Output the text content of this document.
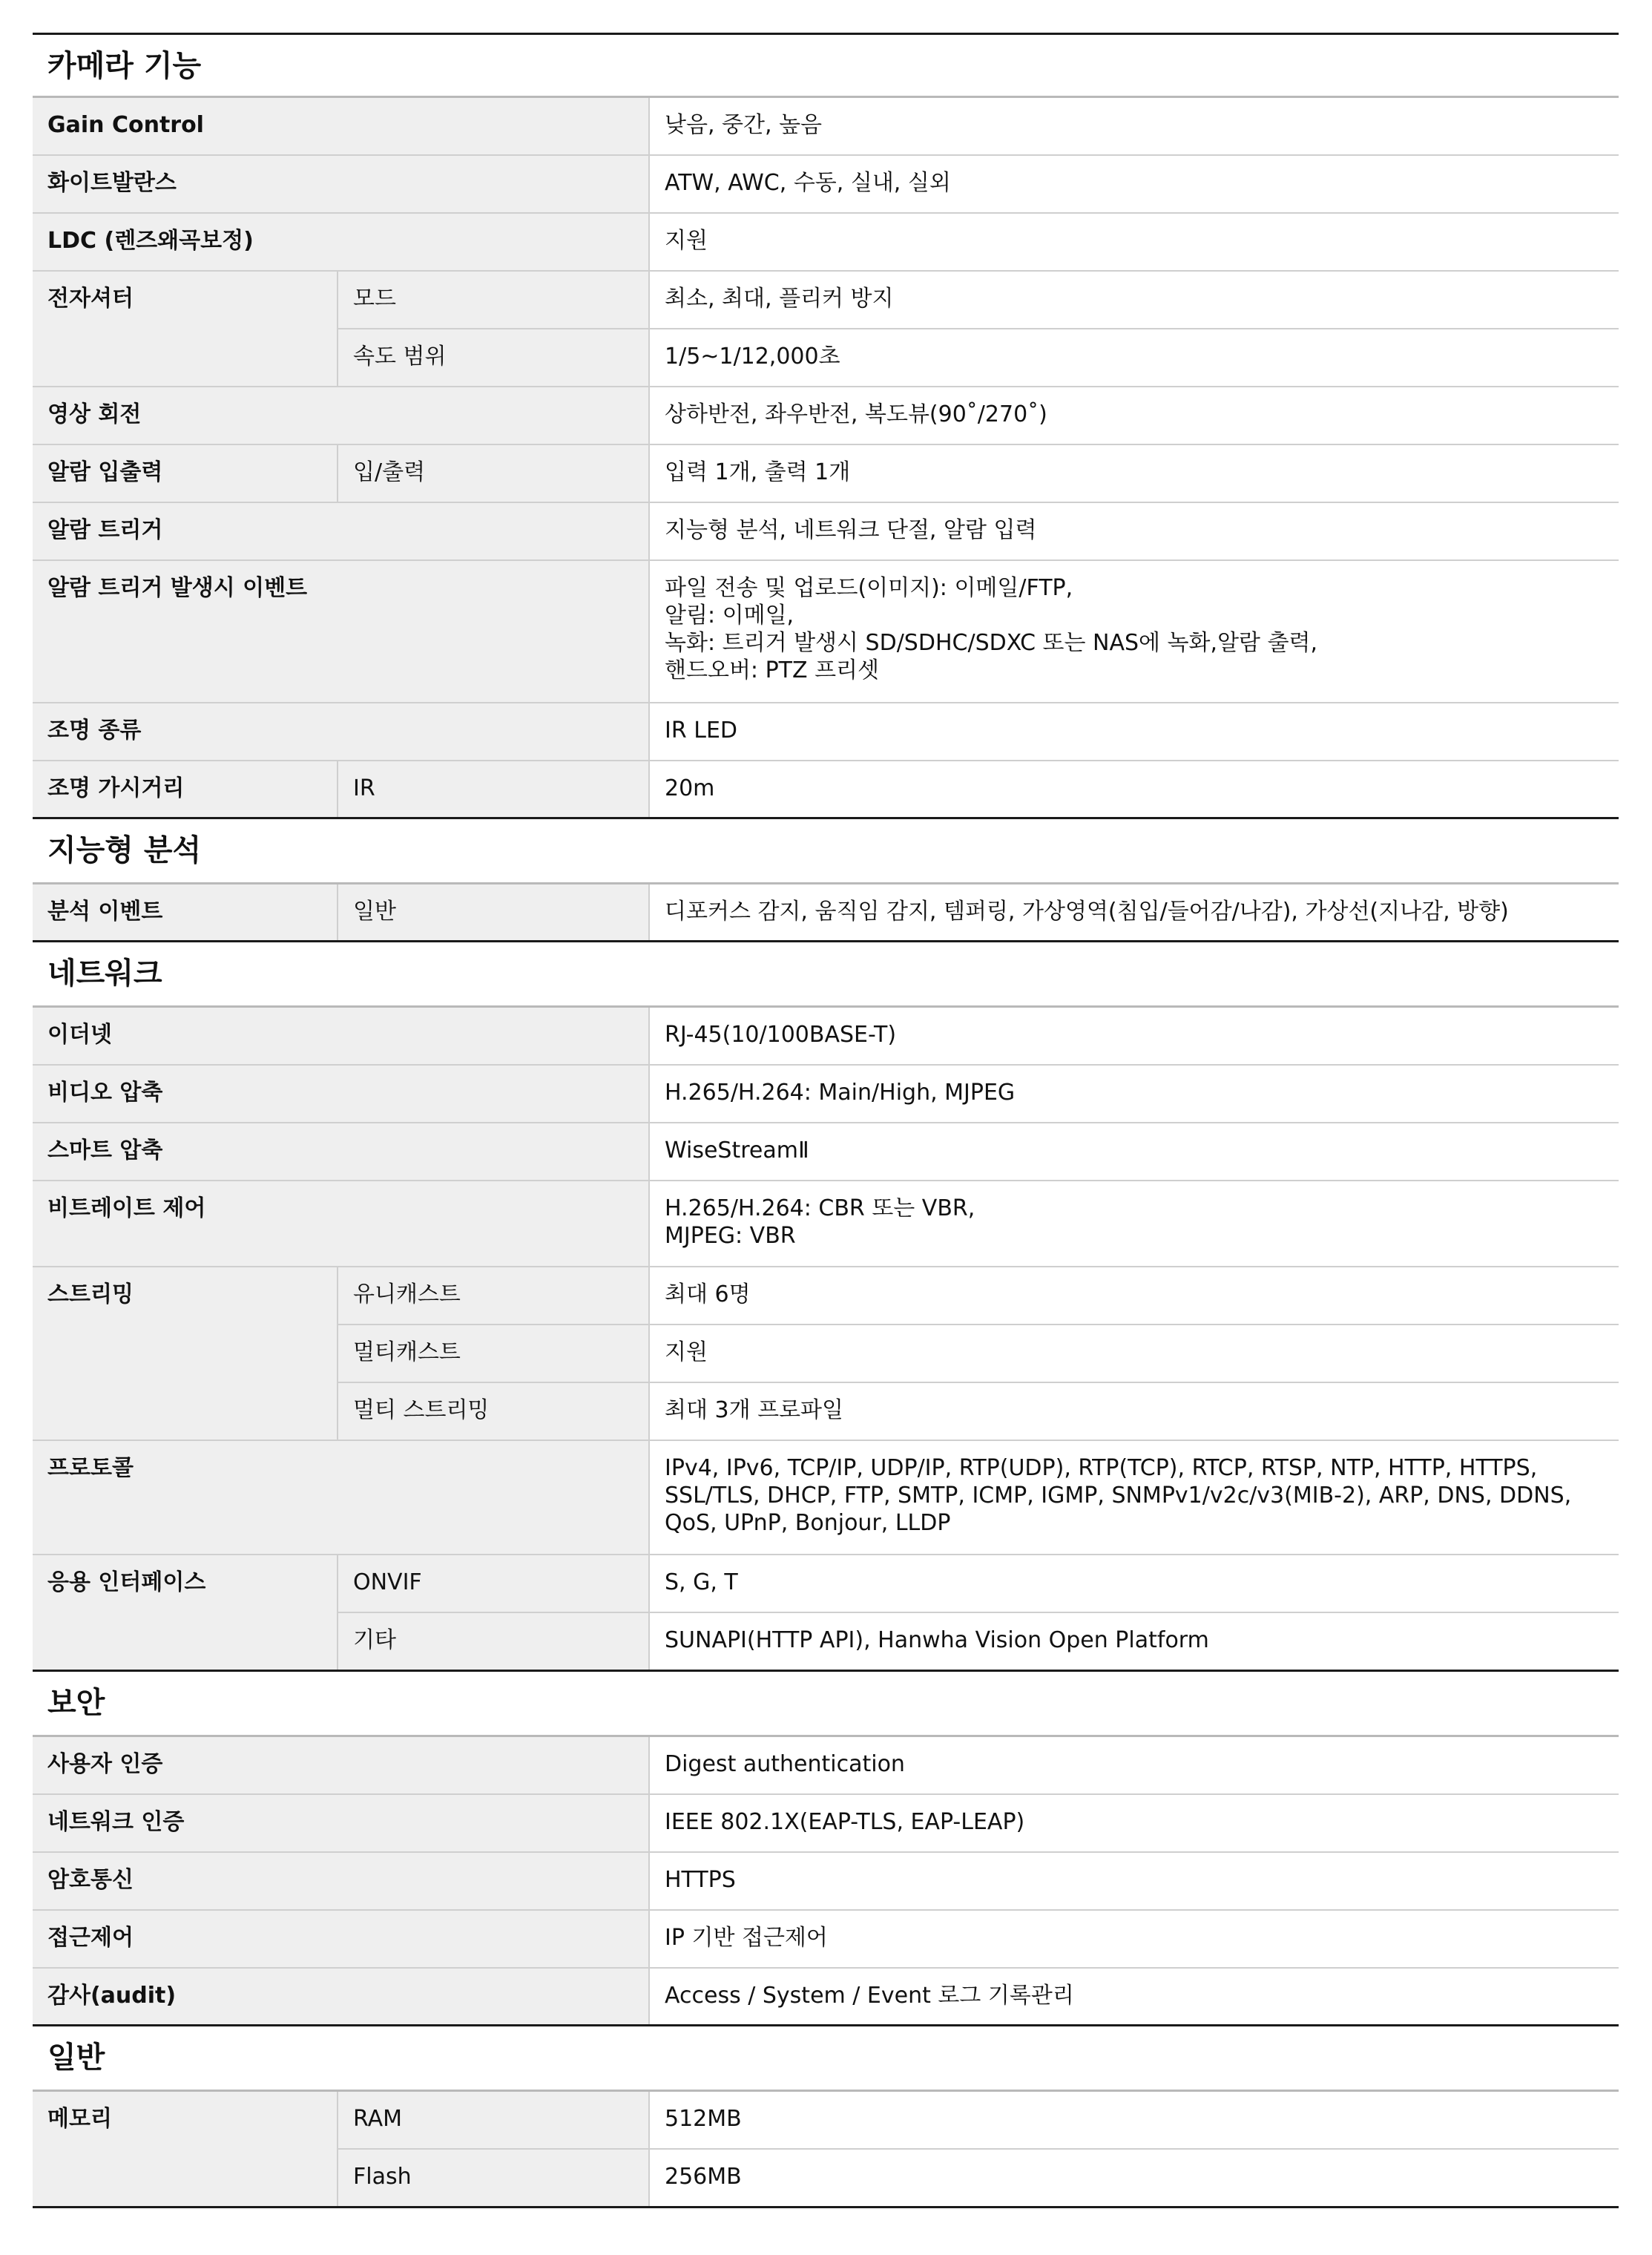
카메라 기능
Gain Control	낮음, 중간, 높음
화이트발란스	ATW, AWC, 수동, 실내, 실외
LDC (렌즈왜곡보정)	지원
전자셔터	모드	최소, 최대, 플리커 방지
속도 범위	1/5~1/12,000초
영상 회전	상하반전, 좌우반전, 복도뷰(90˚/270˚)
알람 입출력	입/출력	입력 1개, 출력 1개
알람 트리거	지능형 분석, 네트워크 단절, 알람 입력
알람 트리거 발생시 이벤트	파일 전송 및 업로드(이미지): 이메일/FTP,
알림: 이메일,
녹화: 트리거 발생시 SD/SDHC/SDXC 또는 NAS에 녹화,알람 출력,
핸드오버: PTZ 프리셋
조명 종류	IR LED
조명 가시거리	IR	20m
지능형 분석
분석 이벤트	일반	디포커스 감지, 움직임 감지, 템퍼링, 가상영역(침입/들어감/나감), 가상선(지나감, 방향)
네트워크
이더넷	RJ-45(10/100BASE-T)
비디오 압축	H.265/H.264: Main/High, MJPEG
스마트 압축	WiseStreamⅡ
비트레이트 제어	H.265/H.264: CBR 또는 VBR,
MJPEG: VBR
스트리밍	유니캐스트	최대 6명
멀티캐스트	지원
멀티 스트리밍	최대 3개 프로파일
프로토콜	IPv4, IPv6, TCP/IP, UDP/IP, RTP(UDP), RTP(TCP), RTCP, RTSP, NTP, HTTP, HTTPS,
SSL/TLS, DHCP, FTP, SMTP, ICMP, IGMP, SNMPv1/v2c/v3(MIB-2), ARP, DNS, DDNS,
QoS, UPnP, Bonjour, LLDP
응용 인터페이스	ONVIF	S, G, T
기타	SUNAPI(HTTP API), Hanwha Vision Open Platform
보안
사용자 인증	Digest authentication
네트워크 인증	IEEE 802.1X(EAP-TLS, EAP-LEAP)
암호통신	HTTPS
접근제어	IP 기반 접근제어
감사(audit)	Access / System / Event 로그 기록관리
일반
메모리	RAM	512MB
Flash	256MB
